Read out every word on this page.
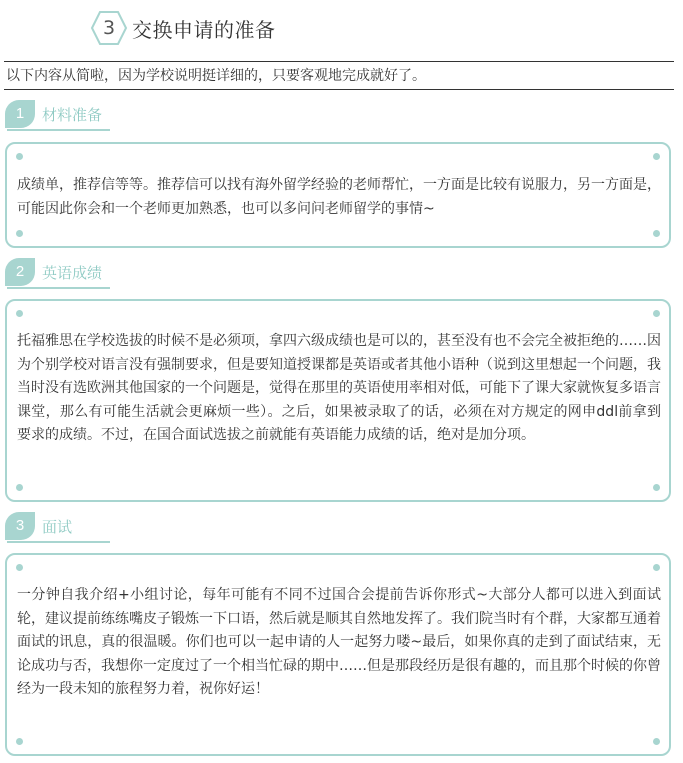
3 交换申请的准备
以下内容从简啦，因为学校说明挺详细的，只要客观地完成就好了。
1	材料准备
成绩单，推荐信等等。推荐信可以找有海外留学经验的老师帮忙，一方面是比较有说服力，另一方面是，可能因此你会和一个老师更加熟悉，也可以多问问老师留学的事情~
2	英语成绩
托福雅思在学校选拔的时候不是必须项，拿四六级成绩也是可以的，甚至没有也不会完全被拒绝的……因为个别学校对语言没有强制要求，但是要知道授课都是英语或者其他小语种（说到这里想起一个问题，我当时没有选欧洲其他国家的一个问题是，觉得在那里的英语使用率相对低，可能下了课大家就恢复多语言课堂，那么有可能生活就会更麻烦一些）。之后，如果被录取了的话，必须在对方规定的网申ddl前拿到要求的成绩。不过，在国合面试选拔之前就能有英语能力成绩的话，绝对是加分项。
3	面试
一分钟自我介绍+小组讨论，每年可能有不同不过国合会提前告诉你形式~大部分人都可以进入到面试轮，建议提前练练嘴皮子锻炼一下口语，然后就是顺其自然地发挥了。我们院当时有个群，大家都互通着面试的讯息，真的很温暖。你们也可以一起申请的人一起努力喽~最后，如果你真的走到了面试结束，无论成功与否，我想你一定度过了一个相当忙碌的期中……但是那段经历是很有趣的，而且那个时候的你曾经为一段未知的旅程努力着，祝你好运！
